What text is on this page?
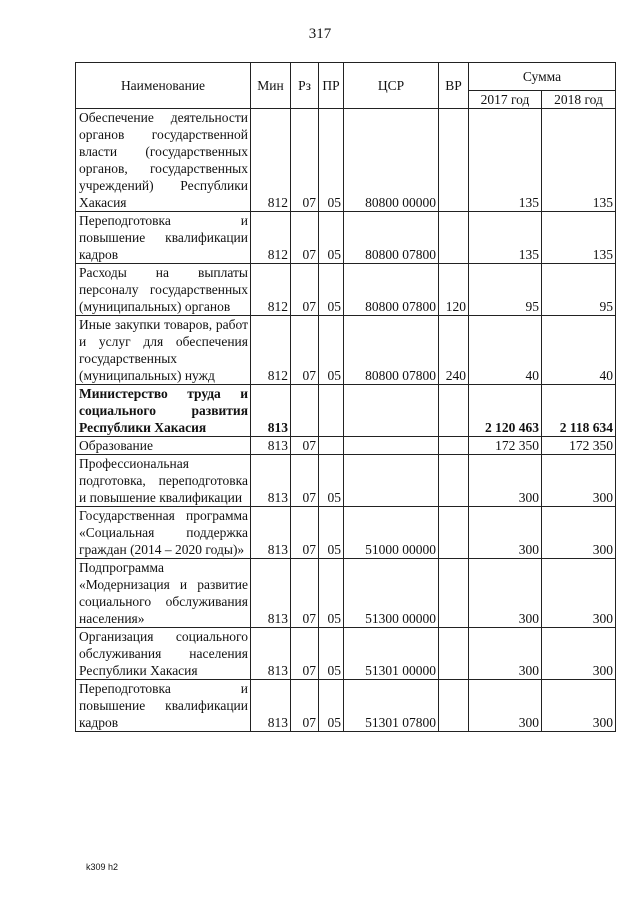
317
Наименование	Мин	Рз	ПР	ЦСР	ВР	Сумма	
						2017 год	2018 год
Обеспечение деятельности органов государственной власти (государственных органов, государственных учреждений) Республики Хакасия	812	07	05	80800 00000		135	135
Переподготовка и повышение квалификации кадров	812	07	05	80800 07800		135	135
Расходы на выплаты персоналу государственных (муниципальных) органов	812	07	05	80800 07800	120	95	95
Иные закупки товаров, работ и услуг для обеспечения государственных (муниципальных) нужд	812	07	05	80800 07800	240	40	40
Министерство труда и социального развития Республики Хакасия	813					2 120 463	2 118 634
Образование	813	07				172 350	172 350
Профессиональная подготовка, переподготовка и повышение квалификации	813	07	05			300	300
Государственная программа «Социальная поддержка граждан (2014 – 2020 годы)»	813	07	05	51000 00000		300	300
Подпрограмма «Модернизация и развитие социального обслуживания населения»	813	07	05	51300 00000		300	300
Организация социального обслуживания населения Республики Хакасия	813	07	05	51301 00000		300	300
Переподготовка и повышение квалификации кадров	813	07	05	51301 07800		300	300
k309 h2
